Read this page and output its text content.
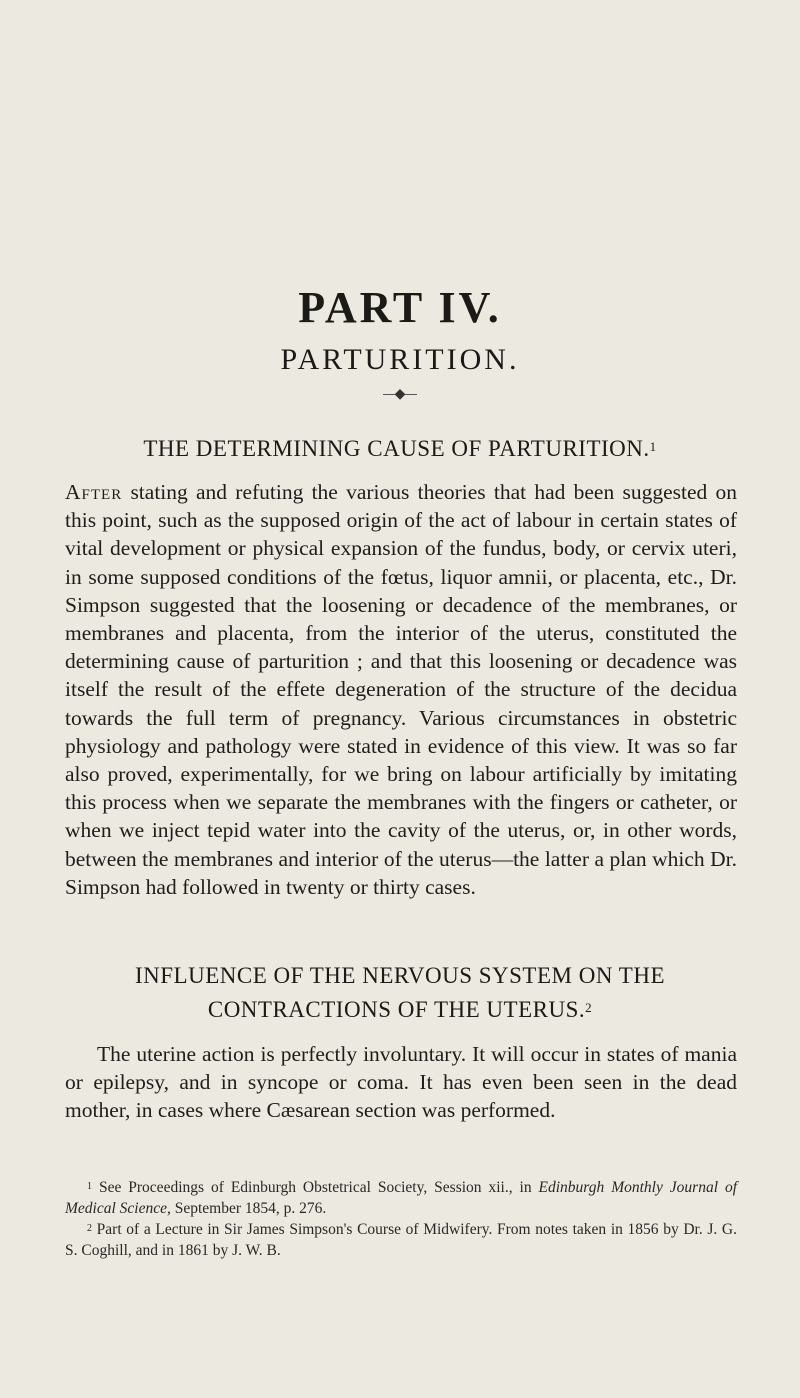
PART IV.
PARTURITION.
◆
THE DETERMINING CAUSE OF PARTURITION.$^1$
After stating and refuting the various theories that had been suggested on this point, such as the supposed origin of the act of labour in certain states of vital development or physical expansion of the fundus, body, or cervix uteri, in some supposed conditions of the fœtus, liquor amnii, or placenta, etc., Dr. Simpson suggested that the loosening or decadence of the membranes, or membranes and placenta, from the interior of the uterus, constituted the determining cause of parturition ; and that this loosening or decadence was itself the result of the effete degeneration of the structure of the decidua towards the full term of pregnancy. Various circumstances in obstetric physiology and pathology were stated in evidence of this view. It was so far also proved, experimentally, for we bring on labour artificially by imitating this process when we separate the membranes with the fingers or catheter, or when we inject tepid water into the cavity of the uterus, or, in other words, between the membranes and interior of the uterus—the latter a plan which Dr. Simpson had followed in twenty or thirty cases.
INFLUENCE OF THE NERVOUS SYSTEM ON THE
CONTRACTIONS OF THE UTERUS.$^2$
The uterine action is perfectly involuntary. It will occur in states of mania or epilepsy, and in syncope or coma. It has even been seen in the dead mother, in cases where Cæsarean section was performed.

$^1$ See Proceedings of Edinburgh Obstetrical Society, Session xii., in Edinburgh Monthly Journal of Medical Science, September 1854, p. 276.

$^2$ Part of a Lecture in Sir James Simpson's Course of Midwifery. From notes taken in 1856 by Dr. J. G. S. Coghill, and in 1861 by J. W. B.
